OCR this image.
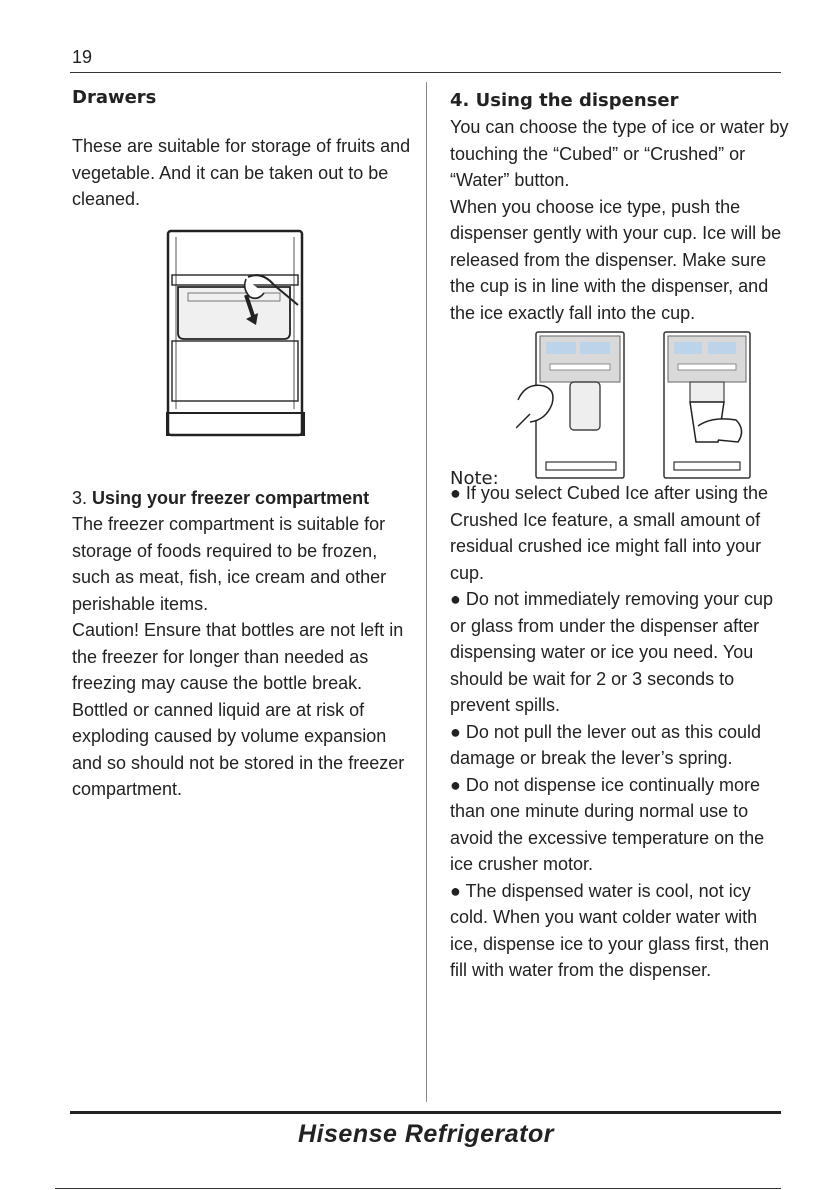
19
Drawers

These are suitable for storage of fruits and vegetable. And it can be taken out to be cleaned.

3. Using your freezer compartment

The freezer compartment is suitable for storage of foods required to be frozen, such as meat, fish, ice cream and other perishable items.

Caution! Ensure that bottles are not left in the freezer for longer than needed as freezing may cause the bottle break.

Bottled or canned liquid are at risk of exploding caused by volume expansion and so should not be stored in the freezer compartment.

4. Using the dispenser

You can choose the type of ice or water by touching the “Cubed” or “Crushed” or “Water” button.

When you choose ice type, push the dispenser gently with your cup. Ice will be released from the dispenser. Make sure the cup is in line with the dispenser, and the ice exactly fall into the cup.

Note:

● If you select Cubed Ice after using the Crushed Ice feature, a small amount of residual crushed ice might fall into your cup.

● Do not immediately removing your cup or glass from under the dispenser after dispensing water or ice you need. You should be wait for 2 or 3 seconds to prevent spills.

● Do not pull the lever out as this could damage or break the lever’s spring.

● Do not dispense ice continually more than one minute during normal use to avoid the excessive temperature on the ice crusher motor.

● The dispensed water is cool, not icy cold. When you want colder water with ice, dispense ice to your glass first, then fill with water from the dispenser.

Hisense Refrigerator
